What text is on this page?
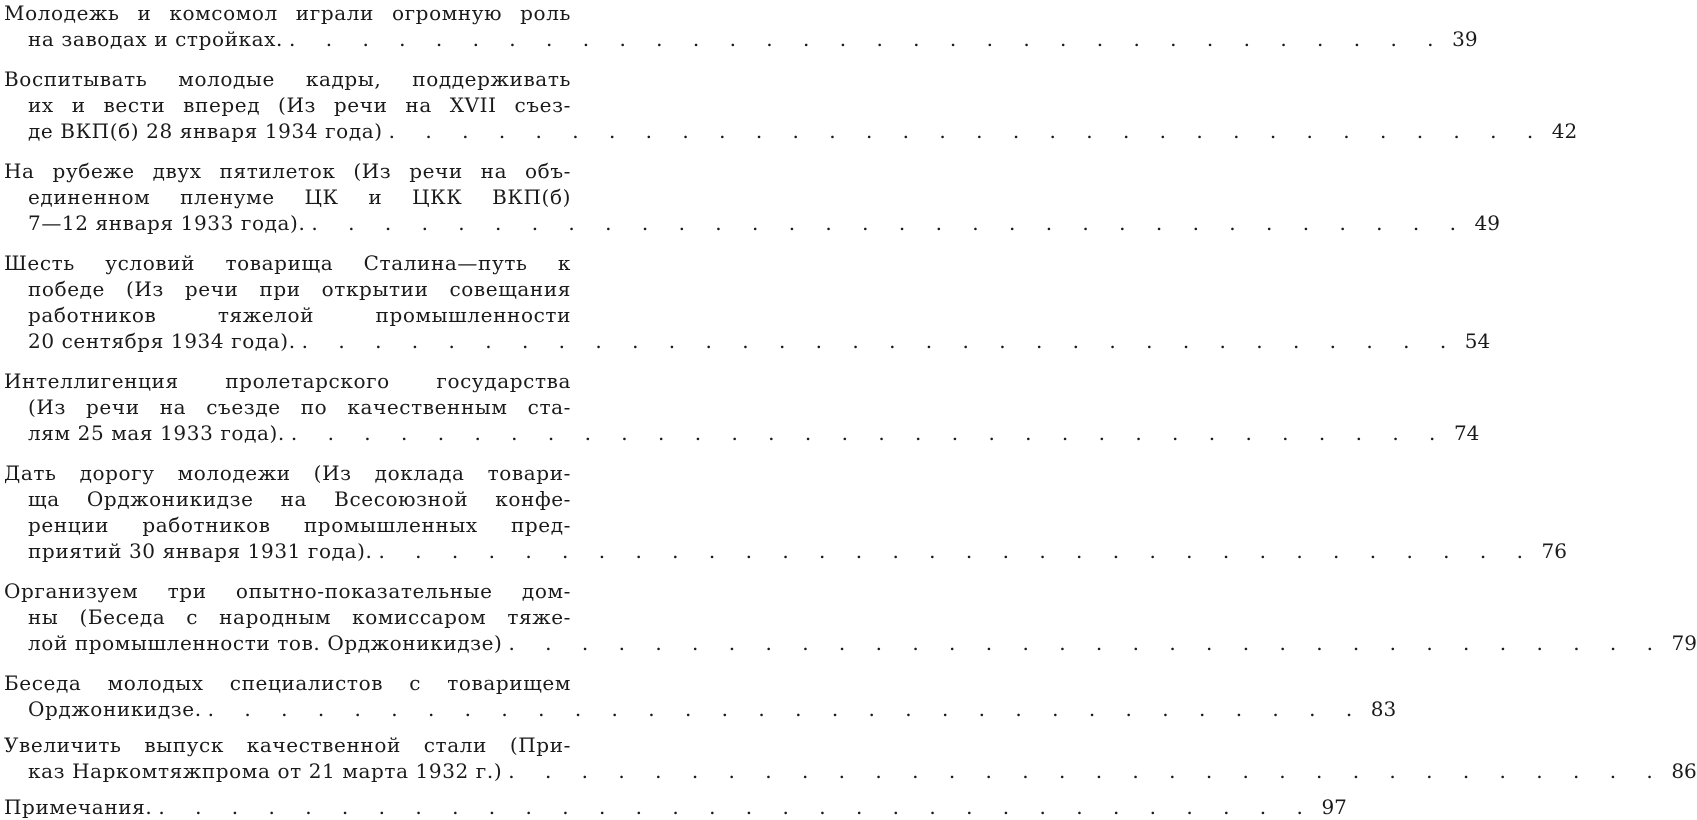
Молодежь и комсомол играли огромную роль
на заводах и стройках. . . . . . . . . . . . . . . . . . . . . . . . . . . . . . . . . 39
Воспитывать молодые кадры, поддерживать
их и вести вперед (Из речи на XVII съез-
де ВКП(б) 28 января 1934 года) . . . . . . . . . . . . . . . . . . . . . . . . . . . . . . . . 42
На рубеже двух пятилеток (Из речи на объ-
единенном пленуме ЦК и ЦКК ВКП(б)
7—12 января 1933 года). . . . . . . . . . . . . . . . . . . . . . . . . . . . . . . . . 49
Шесть условий товарища Сталина—путь к
победе (Из речи при открытии совещания
работников тяжелой промышленности
20 сентября 1934 года). . . . . . . . . . . . . . . . . . . . . . . . . . . . . . . . . 54
Интеллигенция пролетарского государства
(Из речи на съезде по качественным ста-
лям 25 мая 1933 года). . . . . . . . . . . . . . . . . . . . . . . . . . . . . . . . . 74
Дать дорогу молодежи (Из доклада товари-
ща Орджоникидзе на Всесоюзной конфе-
ренции работников промышленных пред-
приятий 30 января 1931 года). . . . . . . . . . . . . . . . . . . . . . . . . . . . . . . . . 76
Организуем три опытно-показательные дом-
ны (Беседа с народным комиссаром тяже-
лой промышленности тов. Орджоникидзе) . . . . . . . . . . . . . . . . . . . . . . . . . . . . . . . . 79
Беседа молодых специалистов с товарищем
Орджоникидзе. . . . . . . . . . . . . . . . . . . . . . . . . . . . . . . . . 83
Увеличить выпуск качественной стали (При-
каз Наркомтяжпрома от 21 марта 1932 г.) . . . . . . . . . . . . . . . . . . . . . . . . . . . . . . . . 86
Примечания. . . . . . . . . . . . . . . . . . . . . . . . . . . . . . . . . 97
